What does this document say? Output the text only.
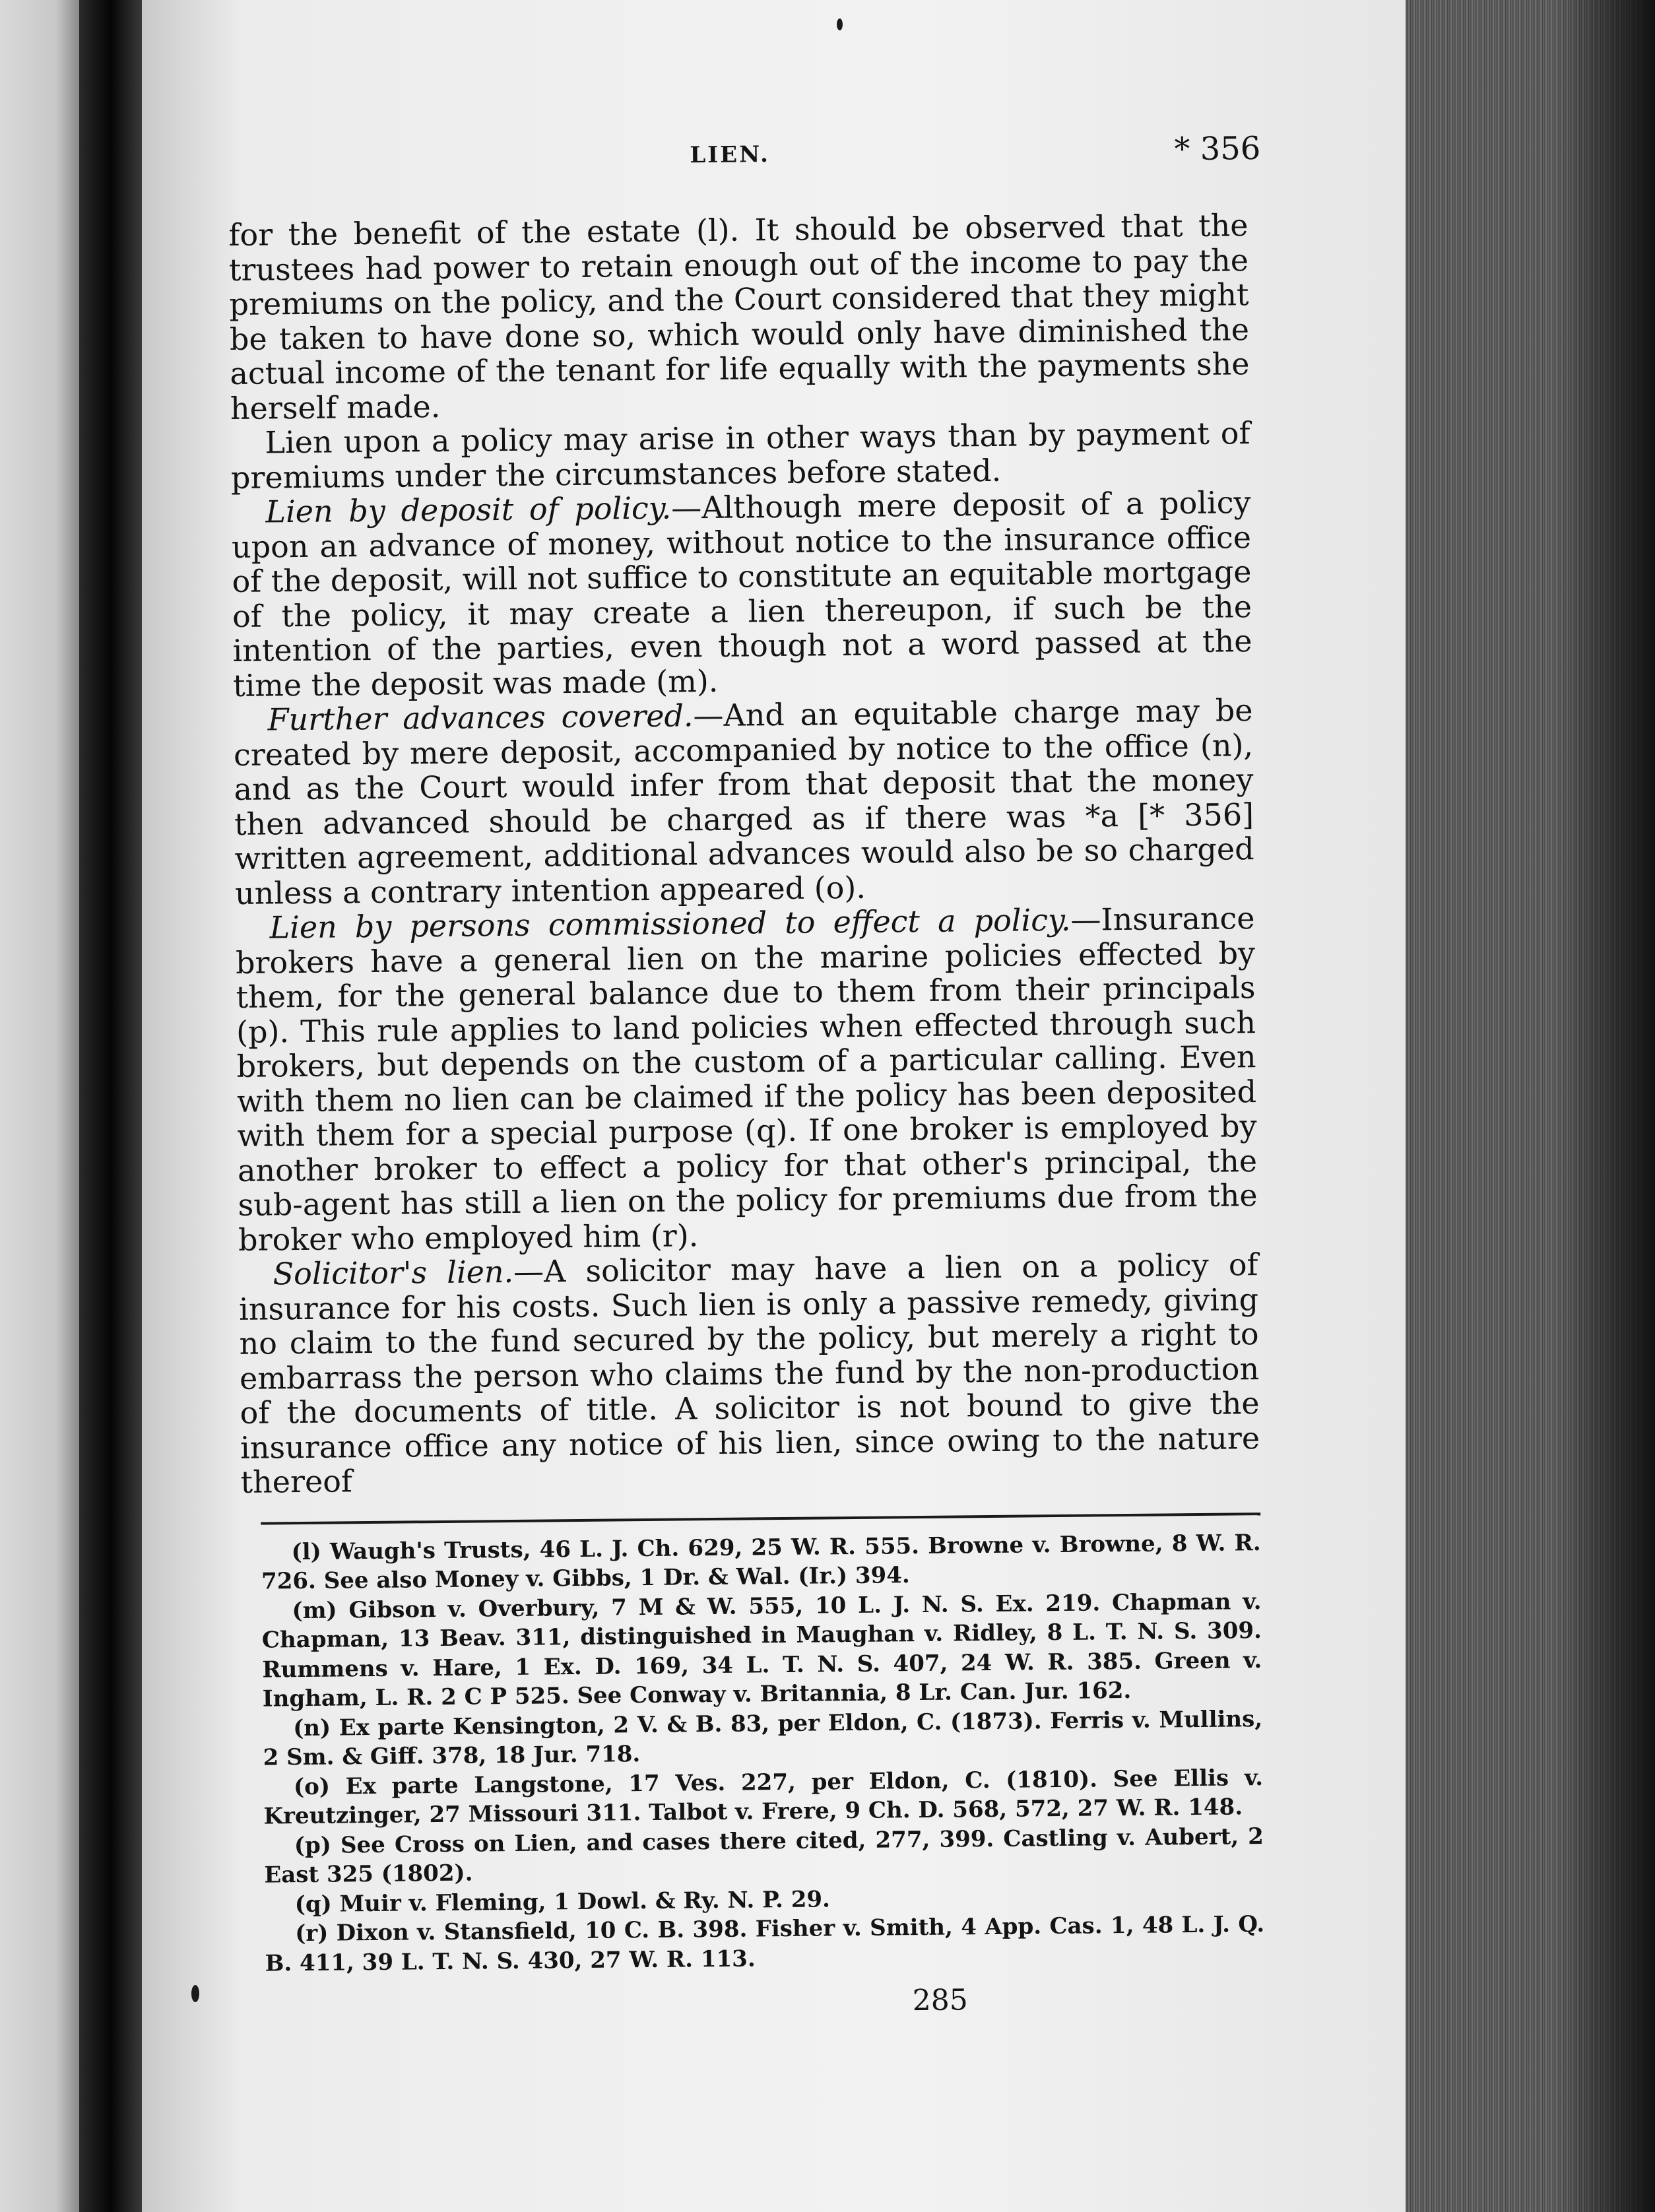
LIEN.	* 356

for the benefit of the estate (l). It should be observed that the trustees had power to retain enough out of the income to pay the premiums on the policy, and the Court considered that they might be taken to have done so, which would only have diminished the actual income of the tenant for life equally with the payments she herself made.

Lien upon a policy may arise in other ways than by payment of premiums under the circumstances before stated.

Lien by deposit of policy.—Although mere deposit of a policy upon an advance of money, without notice to the insurance office of the deposit, will not suffice to constitute an equitable mortgage of the policy, it may create a lien thereupon, if such be the intention of the parties, even though not a word passed at the time the deposit was made (m).

Further advances covered.—And an equitable charge may be created by mere deposit, accompanied by notice to the office (n), and as the Court would infer from that deposit that the money then advanced should be charged as if there was *a [* 356] written agreement, additional advances would also be so charged unless a contrary intention appeared (o).

Lien by persons commissioned to effect a policy.—Insurance brokers have a general lien on the marine policies effected by them, for the general balance due to them from their principals (p). This rule applies to land policies when effected through such brokers, but depends on the custom of a particular calling. Even with them no lien can be claimed if the policy has been deposited with them for a special purpose (q). If one broker is employed by another broker to effect a policy for that other's principal, the sub-agent has still a lien on the policy for premiums due from the broker who employed him (r).

Solicitor's lien.—A solicitor may have a lien on a policy of insurance for his costs. Such lien is only a passive remedy, giving no claim to the fund secured by the policy, but merely a right to embarrass the person who claims the fund by the non-production of the documents of title. A solicitor is not bound to give the insurance office any notice of his lien, since owing to the nature thereof

(l) Waugh's Trusts, 46 L. J. Ch. 629, 25 W. R. 555. Browne v. Browne, 8 W. R. 726. See also Money v. Gibbs, 1 Dr. & Wal. (Ir.) 394.

(m) Gibson v. Overbury, 7 M & W. 555, 10 L. J. N. S. Ex. 219. Chapman v. Chapman, 13 Beav. 311, distinguished in Maughan v. Ridley, 8 L. T. N. S. 309. Rummens v. Hare, 1 Ex. D. 169, 34 L. T. N. S. 407, 24 W. R. 385. Green v. Ingham, L. R. 2 C P 525. See Conway v. Britannia, 8 Lr. Can. Jur. 162.

(n) Ex parte Kensington, 2 V. & B. 83, per Eldon, C. (1873). Ferris v. Mullins, 2 Sm. & Giff. 378, 18 Jur. 718.

(o) Ex parte Langstone, 17 Ves. 227, per Eldon, C. (1810). See Ellis v. Kreutzinger, 27 Missouri 311. Talbot v. Frere, 9 Ch. D. 568, 572, 27 W. R. 148.

(p) See Cross on Lien, and cases there cited, 277, 399. Castling v. Aubert, 2 East 325 (1802).

(q) Muir v. Fleming, 1 Dowl. & Ry. N. P. 29.

(r) Dixon v. Stansfield, 10 C. B. 398. Fisher v. Smith, 4 App. Cas. 1, 48 L. J. Q. B. 411, 39 L. T. N. S. 430, 27 W. R. 113.

285
